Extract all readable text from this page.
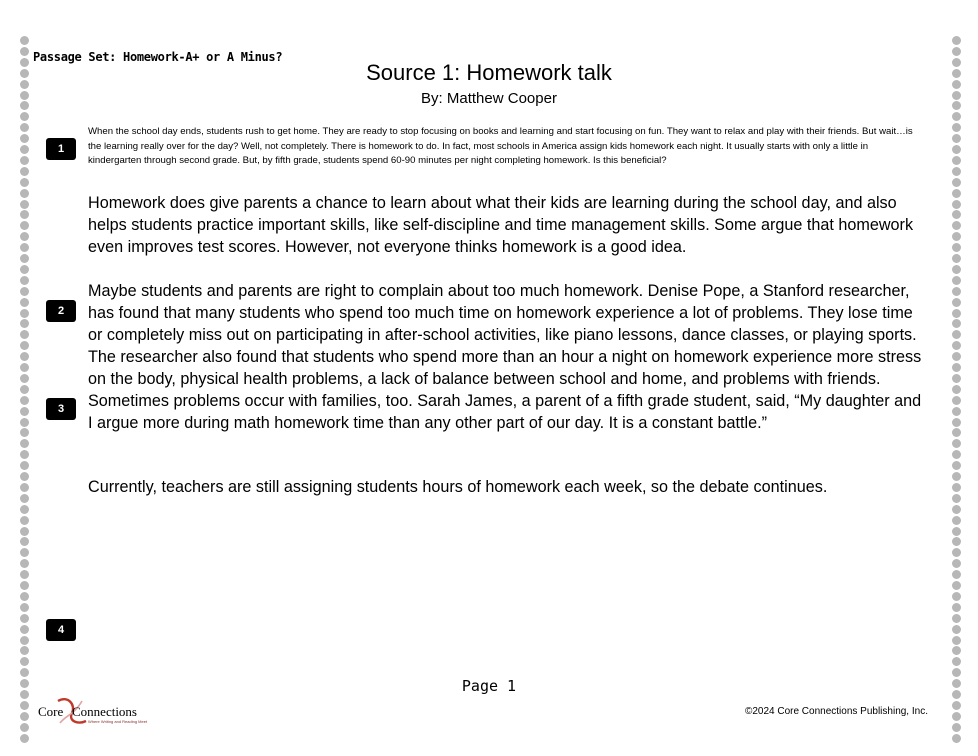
Passage Set: Homework-A+ or A Minus?
Source 1: Homework talk
By: Matthew Cooper
1
2
3
4
When the school day ends, students rush to get home. They are ready to stop focusing on books and learning and start focusing on fun. They want to relax and play with their friends. But wait…is the learning really over for the day? Well, not completely. There is homework to do. In fact, most schools in America assign kids homework each night. It usually starts with only a little in kindergarten through second grade. But, by fifth grade, students spend 60-90 minutes per night completing homework. Is this beneficial?
Homework does give parents a chance to learn about what their kids are learning during the school day, and also helps students practice important skills, like self-discipline and time management skills. Some argue that homework even improves test scores. However, not everyone thinks homework is a good idea.
Maybe students and parents are right to complain about too much homework. Denise Pope, a Stanford researcher, has found that many students who spend too much time on homework experience a lot of problems. They lose time or completely miss out on participating in after-school activities, like piano lessons, dance classes, or playing sports. The researcher also found that students who spend more than an hour a night on homework experience more stress on the body, physical health problems, a lack of balance between school and home, and problems with friends. Sometimes problems occur with families, too. Sarah James, a parent of a fifth grade student, said, “My daughter and I argue more during math homework time than any other part of our day. It is a constant battle.”
Currently, teachers are still assigning students hours of homework each week, so the debate continues.
Page 1
Core Connections
Where Writing and Reading Meet
©2024 Core Connections Publishing, Inc.
